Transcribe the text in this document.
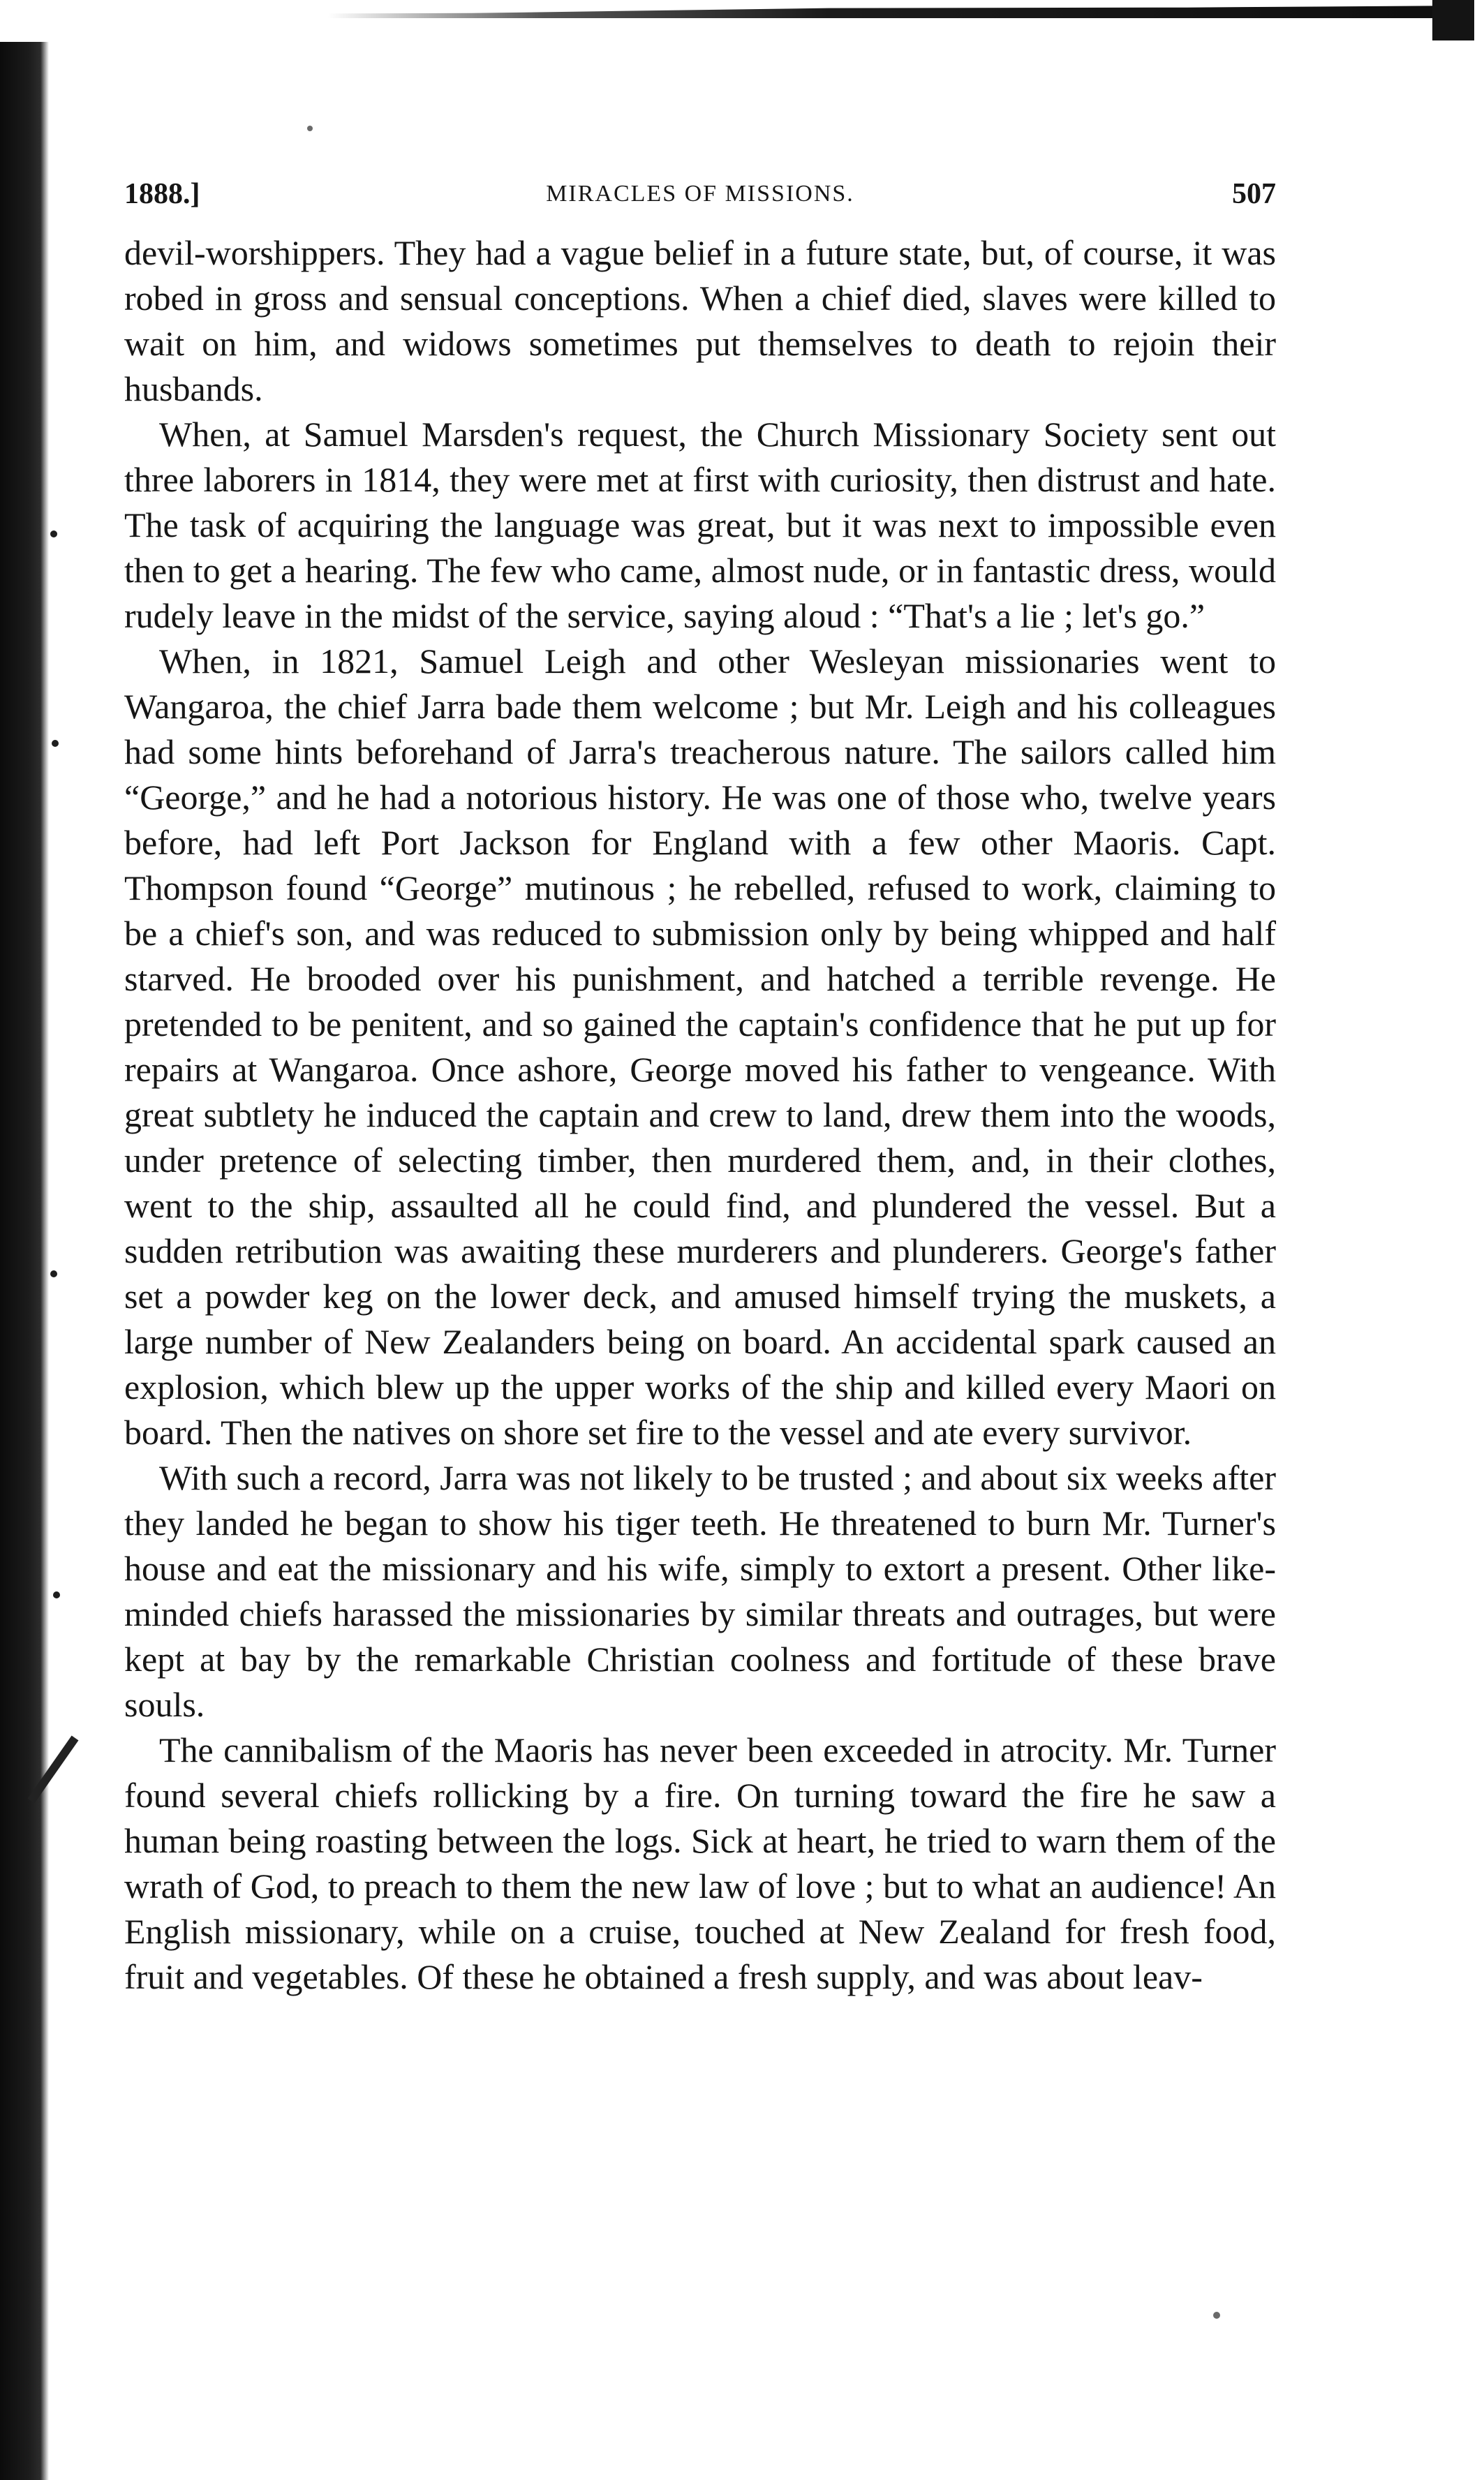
1888.]	MIRACLES OF MISSIONS.	507

devil-worshippers. They had a vague belief in a future state, but, of course, it was robed in gross and sensual conceptions. When a chief died, slaves were killed to wait on him, and widows sometimes put themselves to death to rejoin their husbands.

When, at Samuel Marsden's request, the Church Missionary Society sent out three laborers in 1814, they were met at first with curiosity, then distrust and hate. The task of acquiring the language was great, but it was next to impossible even then to get a hearing. The few who came, almost nude, or in fantastic dress, would rudely leave in the midst of the service, saying aloud : “That's a lie ; let's go.”

When, in 1821, Samuel Leigh and other Wesleyan missionaries went to Wangaroa, the chief Jarra bade them welcome ; but Mr. Leigh and his colleagues had some hints beforehand of Jarra's treacherous nature. The sailors called him “George,” and he had a notorious history. He was one of those who, twelve years before, had left Port Jackson for England with a few other Maoris. Capt. Thompson found “George” mutinous ; he rebelled, refused to work, claiming to be a chief's son, and was reduced to submission only by being whipped and half starved. He brooded over his punishment, and hatched a terrible revenge. He pretended to be penitent, and so gained the captain's confidence that he put up for repairs at Wangaroa. Once ashore, George moved his father to vengeance. With great subtlety he induced the captain and crew to land, drew them into the woods, under pretence of selecting timber, then murdered them, and, in their clothes, went to the ship, assaulted all he could find, and plundered the vessel. But a sudden retribution was awaiting these murderers and plunderers. George's father set a powder keg on the lower deck, and amused himself trying the muskets, a large number of New Zealanders being on board. An accidental spark caused an explosion, which blew up the upper works of the ship and killed every Maori on board. Then the natives on shore set fire to the vessel and ate every survivor.

With such a record, Jarra was not likely to be trusted ; and about six weeks after they landed he began to show his tiger teeth. He threatened to burn Mr. Turner's house and eat the missionary and his wife, simply to extort a present. Other like-minded chiefs harassed the missionaries by similar threats and outrages, but were kept at bay by the remarkable Christian coolness and fortitude of these brave souls.

The cannibalism of the Maoris has never been exceeded in atrocity. Mr. Turner found several chiefs rollicking by a fire. On turning toward the fire he saw a human being roasting between the logs. Sick at heart, he tried to warn them of the wrath of God, to preach to them the new law of love ; but to what an audience! An English missionary, while on a cruise, touched at New Zealand for fresh food, fruit and vegetables. Of these he obtained a fresh supply, and was about leav-
